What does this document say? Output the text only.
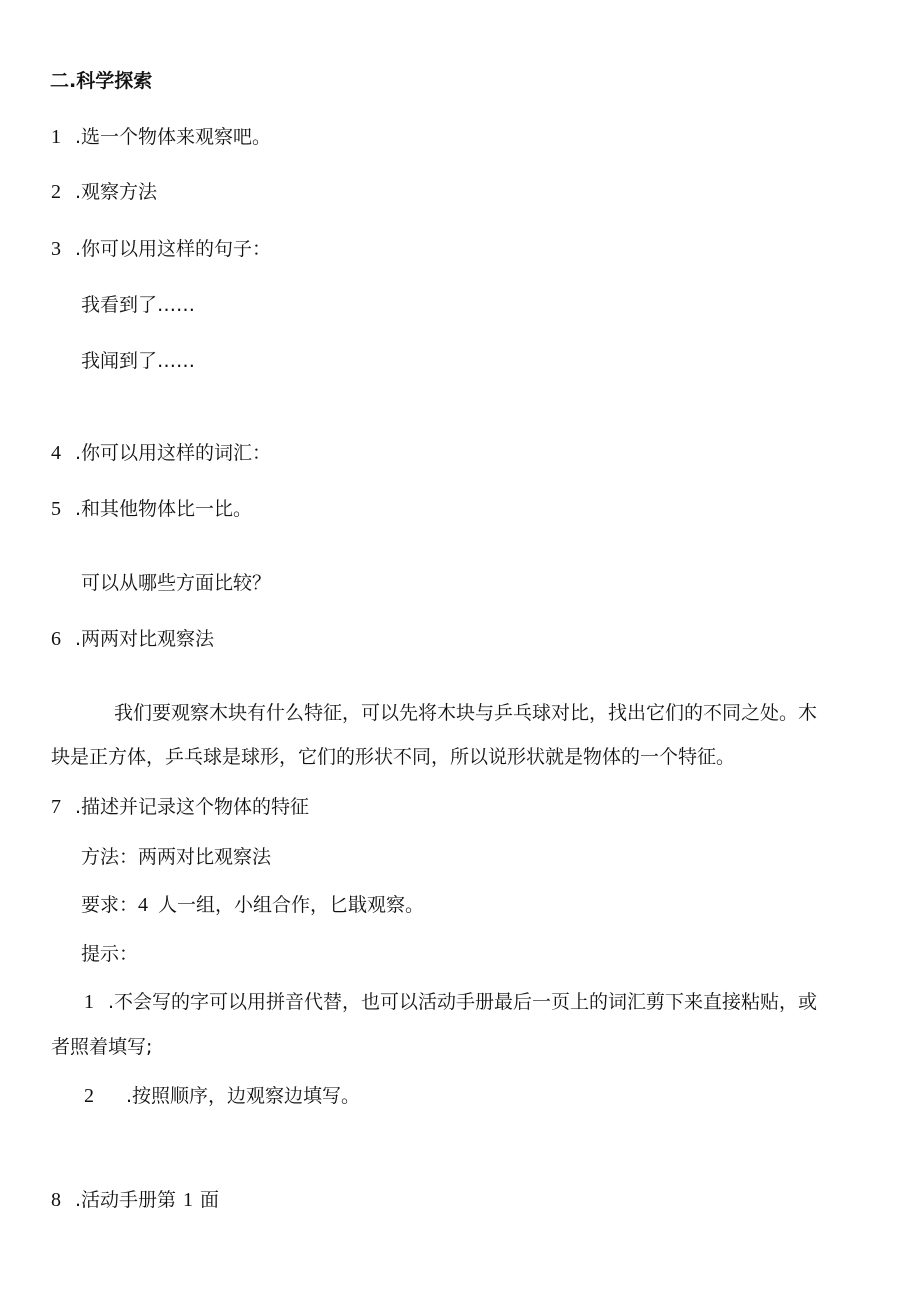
二.科学探索

1 .选一个物体来观察吧。

2 .观察方法

3 .你可以用这样的句子：

我看到了……

我闻到了……

4 .你可以用这样的词汇：

5 .和其他物体比一比。

可以从哪些方面比较？

6 .两两对比观察法

我们要观察木块有什么特征，可以先将木块与乒乓球对比，找出它们的不同之处。木

块是正方体，乒乓球是球形，它们的形状不同，所以说形状就是物体的一个特征。

7 .描述并记录这个物体的特征

方法：两两对比观察法

要求：4 人一组，小组合作，匕戢观察。

提示：

1 .不会写的字可以用拼音代替，也可以活动手册最后一页上的词汇剪下来直接粘贴，或

者照着填写;

2 .按照顺序，边观察边填写。

8 .活动手册第 1 面
